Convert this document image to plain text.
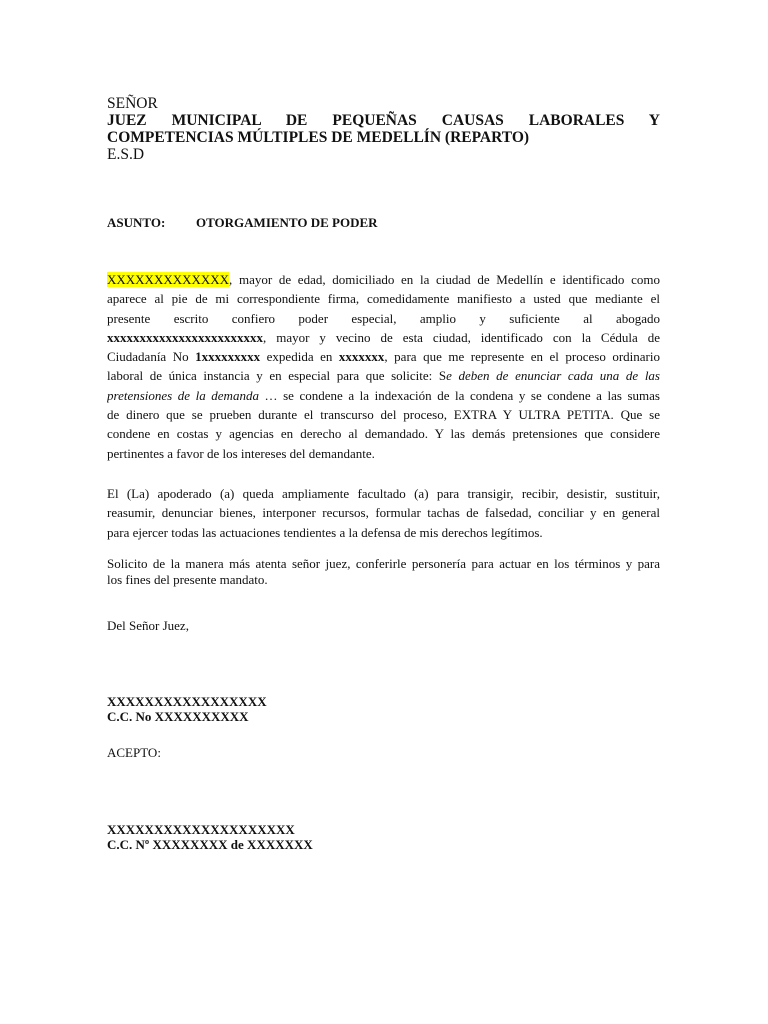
SEÑOR
JUEZ MUNICIPAL DE PEQUEÑAS CAUSAS LABORALES Y
COMPETENCIAS MÚLTIPLES DE MEDELLÍN (REPARTO)
E.S.D
ASUNTO: OTORGAMIENTO DE PODER
XXXXXXXXXXXXX, mayor de edad, domiciliado en la ciudad de Medellín e identificado como
aparece al pie de mi correspondiente firma, comedidamente manifiesto a usted que mediante el
presente escrito confiero poder especial, amplio y suficiente al abogado
xxxxxxxxxxxxxxxxxxxxxxxx, mayor y vecino de esta ciudad, identificado con la Cédula de
Ciudadanía No 1xxxxxxxxx expedida en xxxxxxx, para que me represente en el proceso ordinario
laboral de única instancia y en especial para que solicite: Se deben de enunciar cada una de las
pretensiones de la demanda … se condene a la indexación de la condena y se condene a las sumas
de dinero que se prueben durante el transcurso del proceso, EXTRA Y ULTRA PETITA. Que se
condene en costas y agencias en derecho al demandado. Y las demás pretensiones que considere
pertinentes a favor de los intereses del demandante.
El (La) apoderado (a) queda ampliamente facultado (a) para transigir, recibir, desistir, sustituir,
reasumir, denunciar bienes, interponer recursos, formular tachas de falsedad, conciliar y en general
para ejercer todas las actuaciones tendientes a la defensa de mis derechos legítimos.
Solicito de la manera más atenta señor juez, conferirle personería para actuar en los términos y para
los fines del presente mandato.
Del Señor Juez,
XXXXXXXXXXXXXXXXX
C.C. No XXXXXXXXXX
ACEPTO:
XXXXXXXXXXXXXXXXXXXX
C.C. Nº XXXXXXXX de XXXXXXX
